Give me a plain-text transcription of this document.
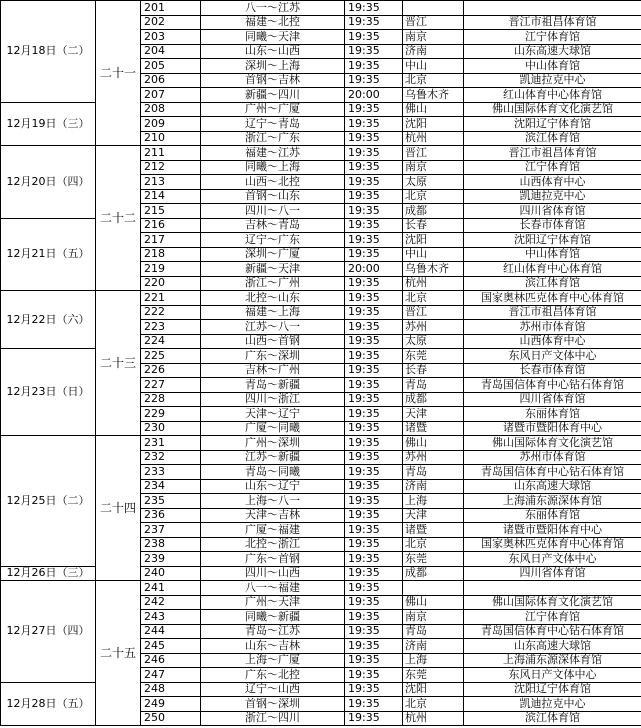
12月18日（二）	二十一	201	八一～江苏	19:35		
		202	福建～北控	19:35	晋江	晋江市祖昌体育馆
		203	同曦～天津	19:35	南京	江宁体育馆
		204	山东～山西	19:35	济南	山东高速大球馆
		205	深圳～上海	19:35	中山	中山体育馆
		206	首钢～吉林	19:35	北京	凯迪拉克中心
		207	新疆～四川	20:00	乌鲁木齐	红山体育中心体育馆
12月19日（三）		208	广州～广厦	19:35	佛山	佛山国际体育文化演艺馆
		209	辽宁～青岛	19:35	沈阳	沈阳辽宁体育馆
		210	浙江～广东	19:35	杭州	滨江体育馆
12月20日（四）	二十二	211	福建～江苏	19:35	晋江	晋江市祖昌体育馆
		212	同曦～上海	19:35	南京	江宁体育馆
		213	山西～北控	19:35	太原	山西体育中心
		214	首钢～山东	19:35	北京	凯迪拉克中心
		215	四川～八一	19:35	成都	四川省体育馆
12月21日（五）		216	吉林～青岛	19:35	长春	长春市体育馆
		217	辽宁～广东	19:35	沈阳	沈阳辽宁体育馆
		218	深圳～广厦	19:35	中山	中山体育馆
		219	新疆～天津	20:00	乌鲁木齐	红山体育中心体育馆
		220	浙江～广州	19:35	杭州	滨江体育馆
12月22日（六）	二十三	221	北控～山东	19:35	北京	国家奥林匹克体育中心体育馆
		222	福建～上海	19:35	晋江	晋江市祖昌体育馆
		223	江苏～八一	19:35	苏州	苏州市体育馆
		224	山西～首钢	19:35	太原	山西体育中心
12月23日（日）		225	广东～深圳	19:35	东莞	东风日产文体中心
		226	吉林～广州	19:35	长春	长春市体育馆
		227	青岛～新疆	19:35	青岛	青岛国信体育中心钻石体育馆
		228	四川～浙江	19:35	成都	四川省体育馆
		229	天津～辽宁	19:35	天津	东丽体育馆
		230	广厦～同曦	19:35	诸暨	诸暨市暨阳体育中心
12月25日（二）	二十四	231	广州～深圳	19:35	佛山	佛山国际体育文化演艺馆
		232	江苏～新疆	19:35	苏州	苏州市体育馆
		233	青岛～同曦	19:35	青岛	青岛国信体育中心钻石体育馆
		234	山东～辽宁	19:35	济南	山东高速大球馆
		235	上海～八一	19:35	上海	上海浦东源深体育馆
		236	天津～吉林	19:35	天津	东丽体育馆
		237	广厦～福建	19:35	诸暨	诸暨市暨阳体育中心
		238	北控～浙江	19:35	北京	国家奥林匹克体育中心体育馆
		239	广东～首钢	19:35	东莞	东风日产文体中心
12月26日（三）		240	四川～山西	19:35	成都	四川省体育馆
12月27日（四）	二十五	241	八一～福建	19:35		
		242	广州～天津	19:35	佛山	佛山国际体育文化演艺馆
		243	同曦～新疆	19:35	南京	江宁体育馆
		244	青岛～江苏	19:35	青岛	青岛国信体育中心钻石体育馆
		245	山东～吉林	19:35	济南	山东高速大球馆
		246	上海～广厦	19:35	上海	上海浦东源深体育馆
		247	广东～北控	19:35	东莞	东风日产文体中心
12月28日（五）		248	辽宁～山西	19:35	沈阳	沈阳辽宁体育馆
		249	首钢～深圳	19:35	北京	凯迪拉克中心
		250	浙江～四川	19:35	杭州	滨江体育馆
